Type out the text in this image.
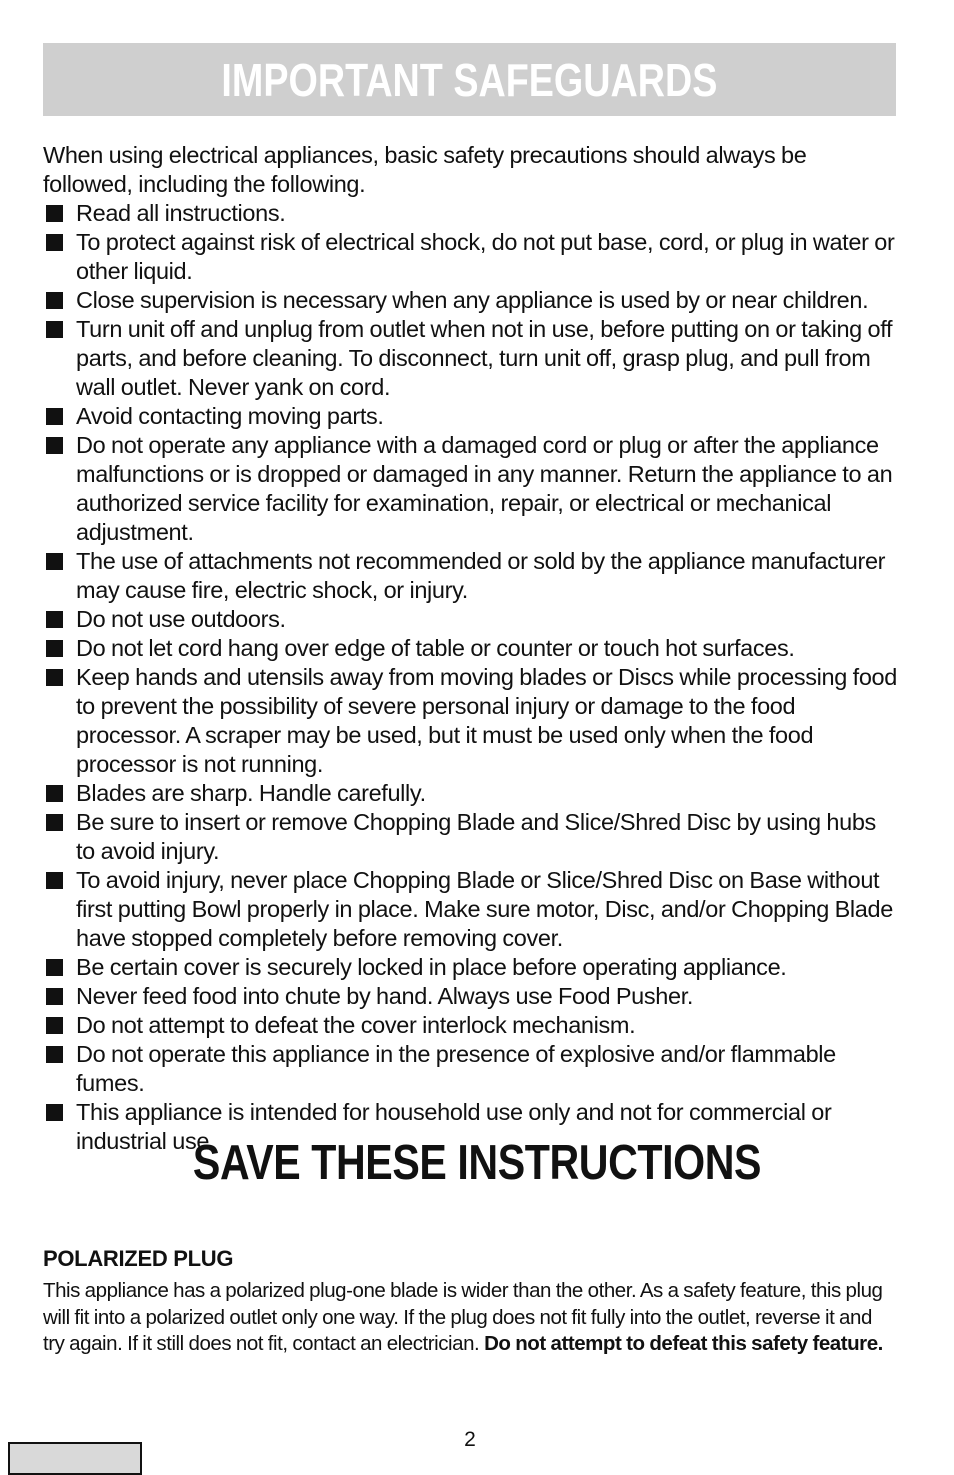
IMPORTANT SAFEGUARDS

When using electrical appliances, basic safety precautions should always be followed, including the following.

Read all instructions.
To protect against risk of electrical shock, do not put base, cord, or plug in water or other liquid.
Close supervision is necessary when any appliance is used by or near children.
Turn unit off and unplug from outlet when not in use, before putting on or taking off parts, and before cleaning. To disconnect, turn unit off, grasp plug, and pull from wall outlet. Never yank on cord.
Avoid contacting moving parts.
Do not operate any appliance with a damaged cord or plug or after the appliance malfunctions or is dropped or damaged in any manner. Return the appliance to an authorized service facility for examination, repair, or electrical or mechanical adjustment.
The use of attachments not recommended or sold by the appliance manufacturer may cause fire, electric shock, or injury.
Do not use outdoors.
Do not let cord hang over edge of table or counter or touch hot surfaces.
Keep hands and utensils away from moving blades or Discs while processing food to prevent the possibility of severe personal injury or damage to the food processor. A scraper may be used, but it must be used only when the food processor is not running.
Blades are sharp. Handle carefully.
Be sure to insert or remove Chopping Blade and Slice/Shred Disc by using hubs to avoid injury.
To avoid injury, never place Chopping Blade or Slice/Shred Disc on Base without first putting Bowl properly in place. Make sure motor, Disc, and/or Chopping Blade have stopped completely before removing cover.
Be certain cover is securely locked in place before operating appliance.
Never feed food into chute by hand. Always use Food Pusher.
Do not attempt to defeat the cover interlock mechanism.
Do not operate this appliance in the presence of explosive and/or flammable fumes.
This appliance is intended for household use only and not for commercial or industrial use.
SAVE THESE INSTRUCTIONS
POLARIZED PLUG

This appliance has a polarized plug-one blade is wider than the other. As a safety feature, this plug will fit into a polarized outlet only one way. If the plug does not fit fully into the outlet, reverse it and try again. If it still does not fit, contact an electrician. Do not attempt to defeat this safety feature.

2
